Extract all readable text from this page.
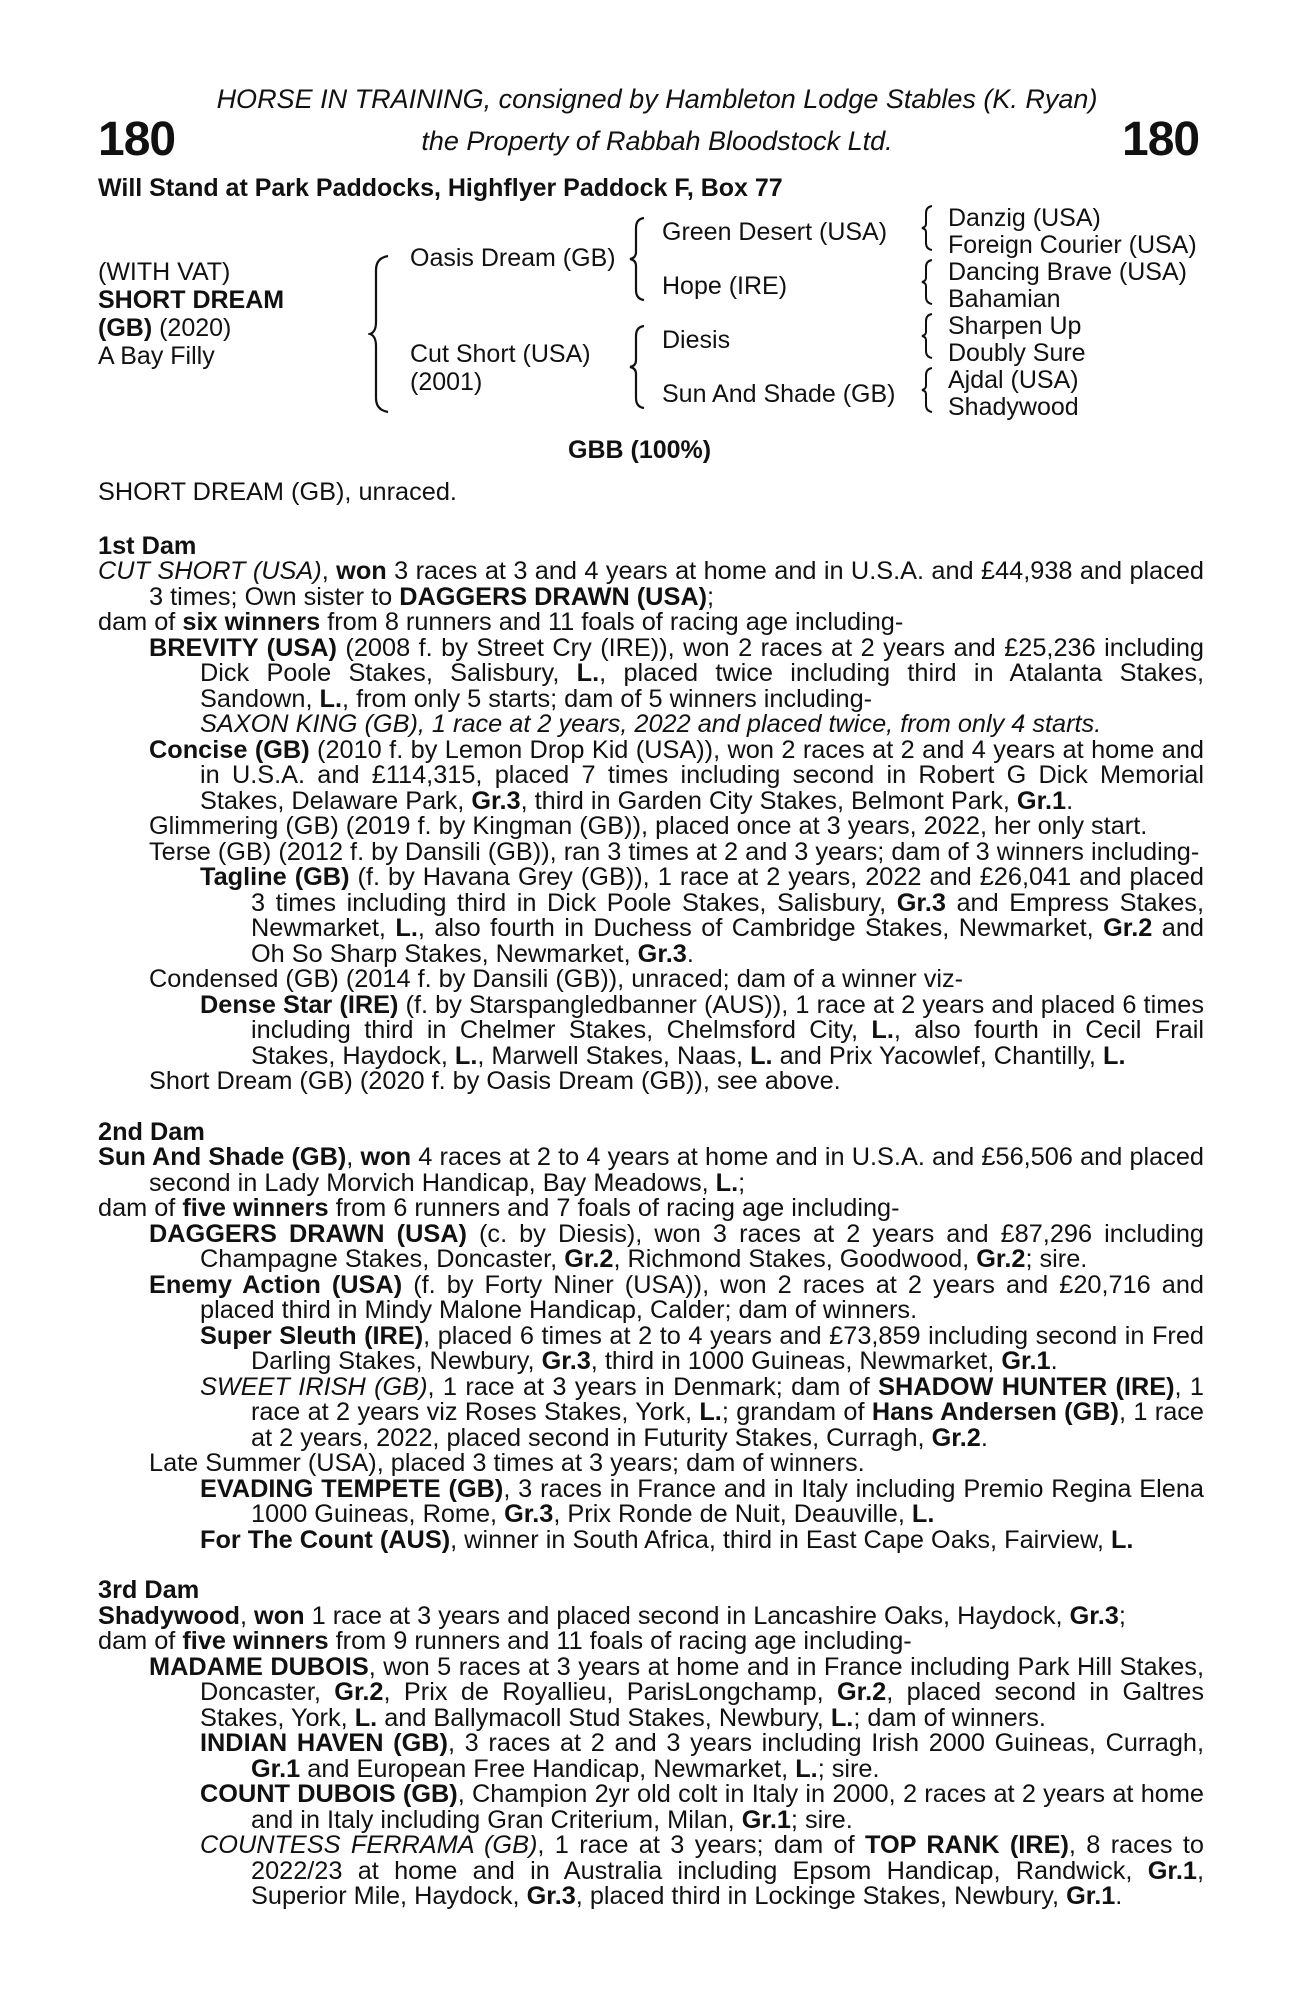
HORSE IN TRAINING, consigned by Hambleton Lodge Stables (K. Ryan)
the Property of Rabbah Bloodstock Ltd.
180	180
Will Stand at Park Paddocks, Highflyer Paddock F, Box 77
(WITH VAT)
SHORT DREAM
(GB) (2020)
A Bay Filly
Oasis Dream (GB)
Cut Short (USA)
(2001)
Green Desert (USA)
Hope (IRE)
Diesis
Sun And Shade (GB)
Danzig (USA)
Foreign Courier (USA)
Dancing Brave (USA)
Bahamian
Sharpen Up
Doubly Sure
Ajdal (USA)
Shadywood
GBB (100%)

SHORT DREAM (GB), unraced.

1st Dam

CUT SHORT (USA), won 3 races at 3 and 4 years at home and in U.S.A. and £44,938 and placed 3 times; Own sister to DAGGERS DRAWN (USA);

dam of six winners from 8 runners and 11 foals of racing age including-

BREVITY (USA) (2008 f. by Street Cry (IRE)), won 2 races at 2 years and £25,236 including Dick Poole Stakes, Salisbury, L., placed twice including third in Atalanta Stakes, Sandown, L., from only 5 starts; dam of 5 winners including-

SAXON KING (GB), 1 race at 2 years, 2022 and placed twice, from only 4 starts.

Concise (GB) (2010 f. by Lemon Drop Kid (USA)), won 2 races at 2 and 4 years at home and in U.S.A. and £114,315, placed 7 times including second in Robert G Dick Memorial Stakes, Delaware Park, Gr.3, third in Garden City Stakes, Belmont Park, Gr.1.

Glimmering (GB) (2019 f. by Kingman (GB)), placed once at 3 years, 2022, her only start.

Terse (GB) (2012 f. by Dansili (GB)), ran 3 times at 2 and 3 years; dam of 3 winners including-

Tagline (GB) (f. by Havana Grey (GB)), 1 race at 2 years, 2022 and £26,041 and placed 3 times including third in Dick Poole Stakes, Salisbury, Gr.3 and Empress Stakes, Newmarket, L., also fourth in Duchess of Cambridge Stakes, Newmarket, Gr.2 and Oh So Sharp Stakes, Newmarket, Gr.3.

Condensed (GB) (2014 f. by Dansili (GB)), unraced; dam of a winner viz-

Dense Star (IRE) (f. by Starspangledbanner (AUS)), 1 race at 2 years and placed 6 times including third in Chelmer Stakes, Chelmsford City, L., also fourth in Cecil Frail Stakes, Haydock, L., Marwell Stakes, Naas, L. and Prix Yacowlef, Chantilly, L.

Short Dream (GB) (2020 f. by Oasis Dream (GB)), see above.

2nd Dam

Sun And Shade (GB), won 4 races at 2 to 4 years at home and in U.S.A. and £56,506 and placed second in Lady Morvich Handicap, Bay Meadows, L.;

dam of five winners from 6 runners and 7 foals of racing age including-

DAGGERS DRAWN (USA) (c. by Diesis), won 3 races at 2 years and £87,296 including Champagne Stakes, Doncaster, Gr.2, Richmond Stakes, Goodwood, Gr.2; sire.

Enemy Action (USA) (f. by Forty Niner (USA)), won 2 races at 2 years and £20,716 and placed third in Mindy Malone Handicap, Calder; dam of winners.

Super Sleuth (IRE), placed 6 times at 2 to 4 years and £73,859 including second in Fred Darling Stakes, Newbury, Gr.3, third in 1000 Guineas, Newmarket, Gr.1.

SWEET IRISH (GB), 1 race at 3 years in Denmark; dam of SHADOW HUNTER (IRE), 1 race at 2 years viz Roses Stakes, York, L.; grandam of Hans Andersen (GB), 1 race at 2 years, 2022, placed second in Futurity Stakes, Curragh, Gr.2.

Late Summer (USA), placed 3 times at 3 years; dam of winners.

EVADING TEMPETE (GB), 3 races in France and in Italy including Premio Regina Elena 1000 Guineas, Rome, Gr.3, Prix Ronde de Nuit, Deauville, L.

For The Count (AUS), winner in South Africa, third in East Cape Oaks, Fairview, L.

3rd Dam

Shadywood, won 1 race at 3 years and placed second in Lancashire Oaks, Haydock, Gr.3;

dam of five winners from 9 runners and 11 foals of racing age including-

MADAME DUBOIS, won 5 races at 3 years at home and in France including Park Hill Stakes, Doncaster, Gr.2, Prix de Royallieu, ParisLongchamp, Gr.2, placed second in Galtres Stakes, York, L. and Ballymacoll Stud Stakes, Newbury, L.; dam of winners.

INDIAN HAVEN (GB), 3 races at 2 and 3 years including Irish 2000 Guineas, Curragh, Gr.1 and European Free Handicap, Newmarket, L.; sire.

COUNT DUBOIS (GB), Champion 2yr old colt in Italy in 2000, 2 races at 2 years at home and in Italy including Gran Criterium, Milan, Gr.1; sire.

COUNTESS FERRAMA (GB), 1 race at 3 years; dam of TOP RANK (IRE), 8 races to 2022/23 at home and in Australia including Epsom Handicap, Randwick, Gr.1, Superior Mile, Haydock, Gr.3, placed third in Lockinge Stakes, Newbury, Gr.1.
